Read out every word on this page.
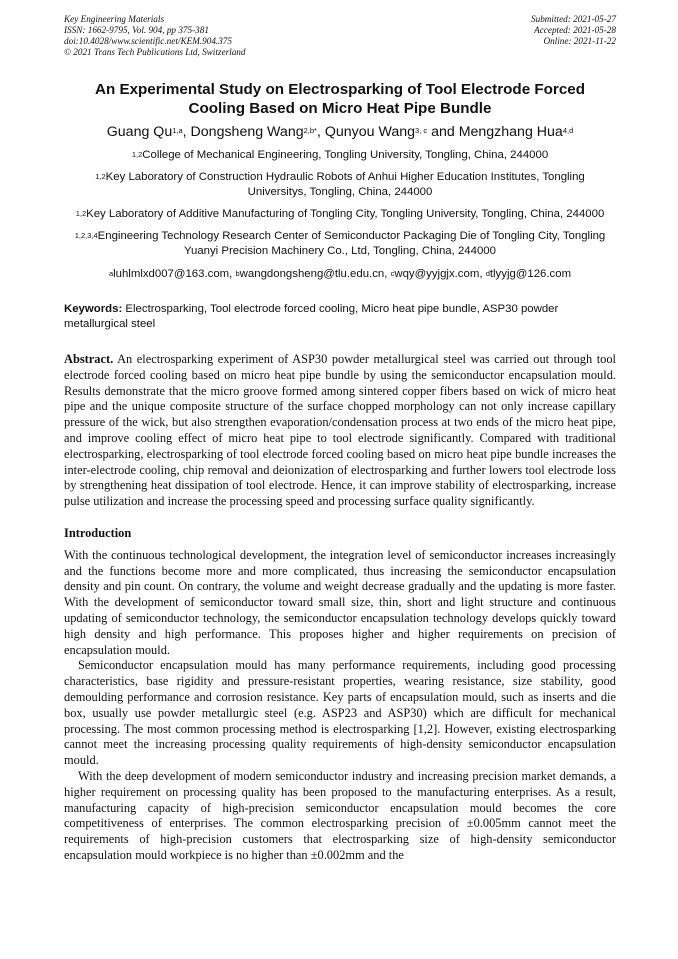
Key Engineering Materials
ISSN: 1662-9795, Vol. 904, pp 375-381
doi:10.4028/www.scientific.net/KEM.904.375
© 2021 Trans Tech Publications Ltd, Switzerland
Submitted: 2021-05-27
Accepted: 2021-05-28
Online: 2021-11-22
An Experimental Study on Electrosparking of Tool Electrode Forced Cooling Based on Micro Heat Pipe Bundle
Guang Qu$^{1,a}$, Dongsheng Wang$^{2,b*}$, Qunyou Wang$^{3, c}$ and Mengzhang Hua$^{4,d}$
$^{1,2}$College of Mechanical Engineering, Tongling University, Tongling, China, 244000
$^{1,2}$Key Laboratory of Construction Hydraulic Robots of Anhui Higher Education Institutes, Tongling Universitys, Tongling, China, 244000
$^{1,2}$Key Laboratory of Additive Manufacturing of Tongling City, Tongling University, Tongling, China, 244000
$^{1,2,3,4}$Engineering Technology Research Center of Semiconductor Packaging Die of Tongling City, Tongling Yuanyi Precision Machinery Co., Ltd, Tongling, China, 244000
$^a$luhlmlxd007@163.com, $^b$wangdongsheng@tlu.edu.cn, $^c$wqy@yyjgjx.com, $^d$tlyyjg@126.com
Keywords: Electrosparking, Tool electrode forced cooling, Micro heat pipe bundle, ASP30 powder metallurgical steel
Abstract. An electrosparking experiment of ASP30 powder metallurgical steel was carried out through tool electrode forced cooling based on micro heat pipe bundle by using the semiconductor encapsulation mould. Results demonstrate that the micro groove formed among sintered copper fibers based on wick of micro heat pipe and the unique composite structure of the surface chopped morphology can not only increase capillary pressure of the wick, but also strengthen evaporation/condensation process at two ends of the micro heat pipe, and improve cooling effect of micro heat pipe to tool electrode significantly. Compared with traditional electrosparking, electrosparking of tool electrode forced cooling based on micro heat pipe bundle increases the inter-electrode cooling, chip removal and deionization of electrosparking and further lowers tool electrode loss by strengthening heat dissipation of tool electrode. Hence, it can improve stability of electrosparking, increase pulse utilization and increase the processing speed and processing surface quality significantly.
Introduction
With the continuous technological development, the integration level of semiconductor increases increasingly and the functions become more and more complicated, thus increasing the semiconductor encapsulation density and pin count. On contrary, the volume and weight decrease gradually and the updating is more faster. With the development of semiconductor toward small size, thin, short and light structure and continuous updating of semiconductor technology, the semiconductor encapsulation technology develops quickly toward high density and high performance. This proposes higher and higher requirements on precision of encapsulation mould.
Semiconductor encapsulation mould has many performance requirements, including good processing characteristics, base rigidity and pressure-resistant properties, wearing resistance, size stability, good demoulding performance and corrosion resistance. Key parts of encapsulation mould, such as inserts and die box, usually use powder metallurgic steel (e.g. ASP23 and ASP30) which are difficult for mechanical processing. The most common processing method is electrosparking [1,2]. However, existing electrosparking cannot meet the increasing processing quality requirements of high-density semiconductor encapsulation mould.
With the deep development of modern semiconductor industry and increasing precision market demands, a higher requirement on processing quality has been proposed to the manufacturing enterprises. As a result, manufacturing capacity of high-precision semiconductor encapsulation mould becomes the core competitiveness of enterprises. The common electrosparking precision of ±0.005mm cannot meet the requirements of high-precision customers that electrosparking size of high-density semiconductor encapsulation mould workpiece is no higher than ±0.002mm and the
